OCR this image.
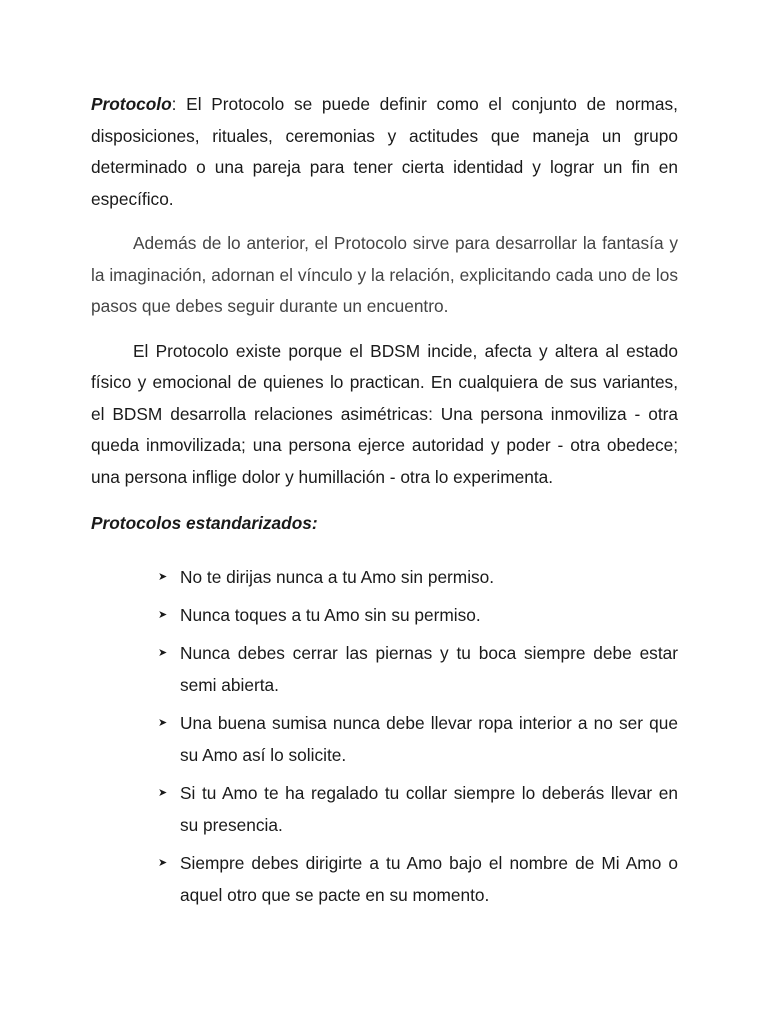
Protocolo: El Protocolo se puede definir como el conjunto de normas, disposiciones, rituales, ceremonias y actitudes que maneja un grupo determinado o una pareja para tener cierta identidad y lograr un fin en específico.

Además de lo anterior, el Protocolo sirve para desarrollar la fantasía y la imaginación, adornan el vínculo y la relación, explicitando cada uno de los pasos que debes seguir durante un encuentro.

El Protocolo existe porque el BDSM incide, afecta y altera al estado físico y emocional de quienes lo practican. En cualquiera de sus variantes, el BDSM desarrolla relaciones asimétricas: Una persona inmoviliza - otra queda inmovilizada; una persona ejerce autoridad y poder - otra obedece; una persona inflige dolor y humillación - otra lo experimenta.

Protocolos estandarizados:

➤ No te dirijas nunca a tu Amo sin permiso.
➤ Nunca toques a tu Amo sin su permiso.
➤ Nunca debes cerrar las piernas y tu boca siempre debe estar semi abierta.
➤ Una buena sumisa nunca debe llevar ropa interior a no ser que su Amo así lo solicite.
➤ Si tu Amo te ha regalado tu collar siempre lo deberás llevar en su presencia.
➤ Siempre debes dirigirte a tu Amo bajo el nombre de Mi Amo o aquel otro que se pacte en su momento.
